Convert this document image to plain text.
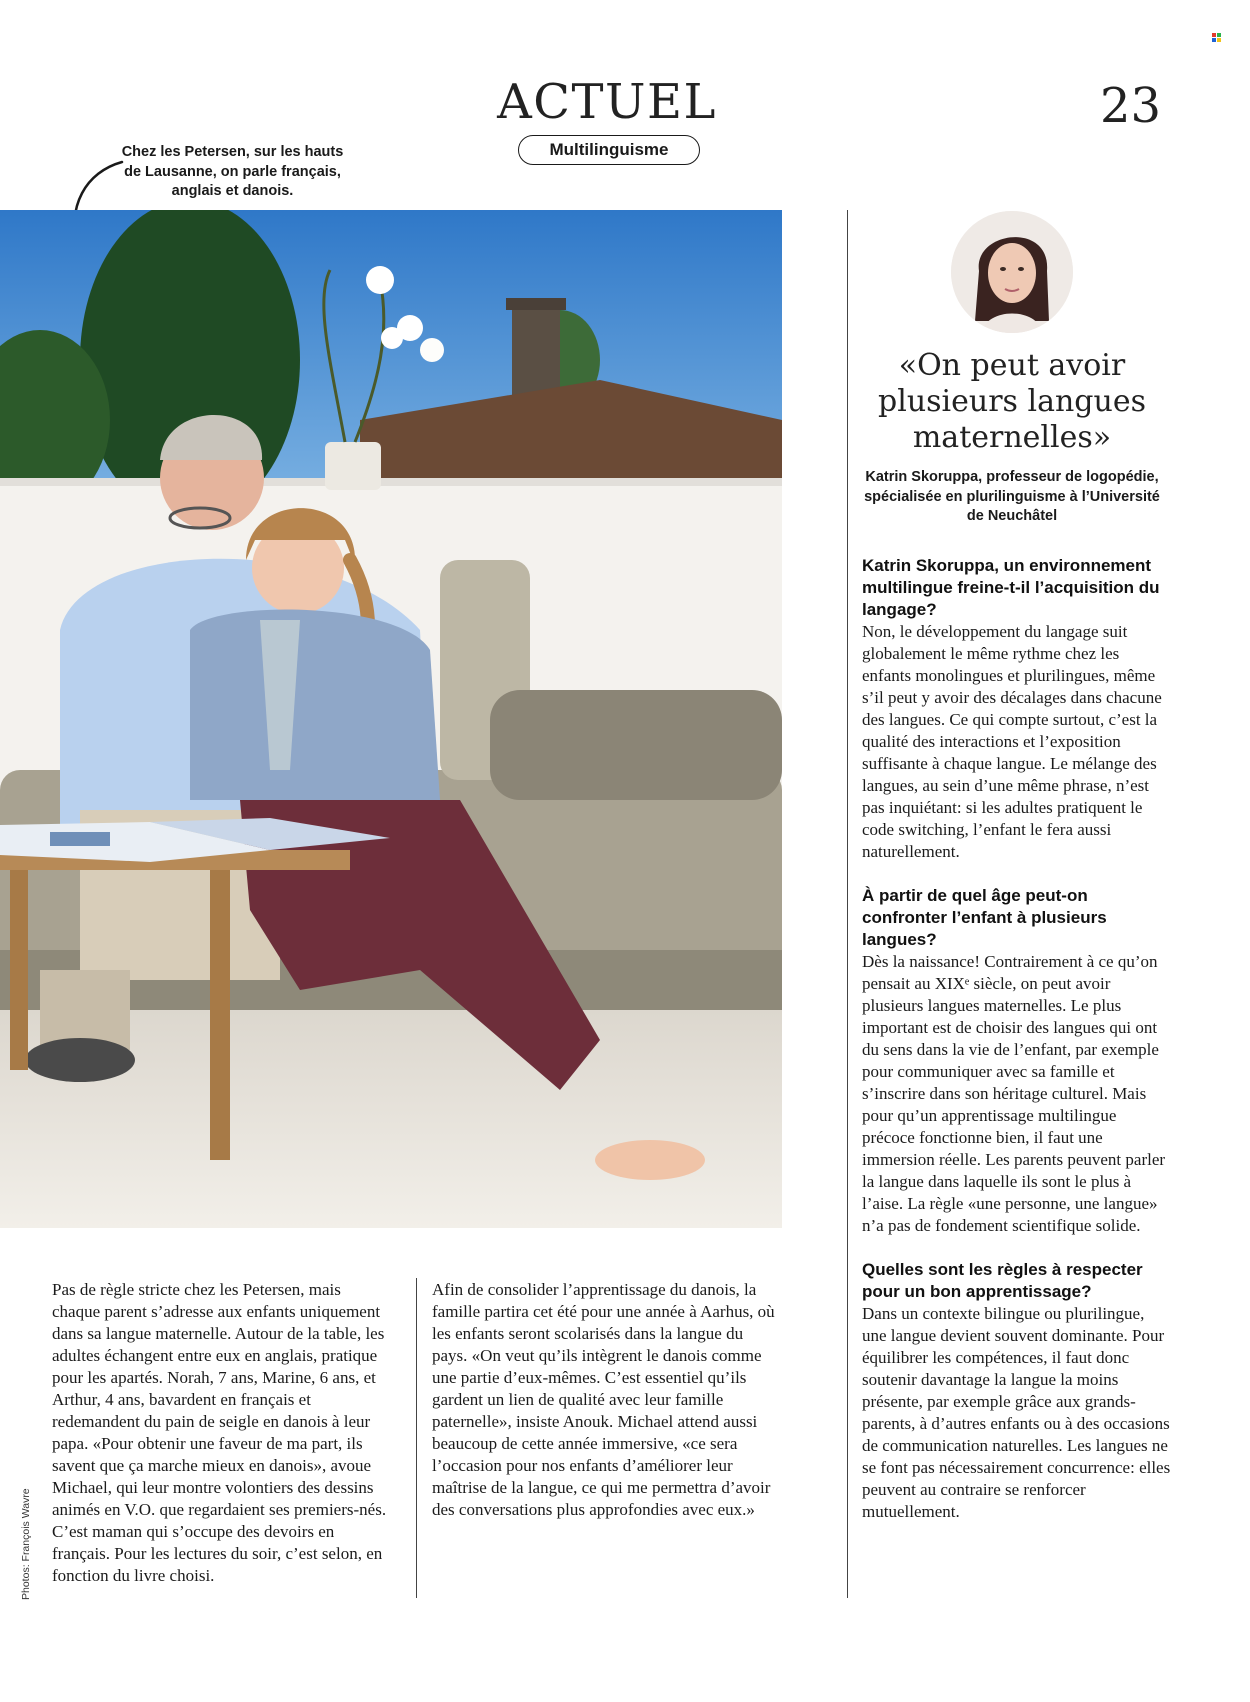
ACTUEL	23
Multilinguisme
Chez les Petersen, sur les hauts de Lausanne, on parle français, anglais et danois.

Pas de règle stricte chez les Petersen, mais chaque parent s’adresse aux enfants uniquement dans sa langue maternelle. Autour de la table, les adultes échangent entre eux en anglais, pratique pour les apartés. Norah, 7 ans, Marine, 6 ans, et Arthur, 4 ans, bavardent en français et redemandent du pain de seigle en danois à leur papa. «Pour obtenir une faveur de ma part, ils savent que ça marche mieux en danois», avoue Michael, qui leur montre volontiers des dessins animés en V.O. que regardaient ses premiers-nés. C’est maman qui s’occupe des devoirs en français. Pour les lectures du soir, c’est selon, en fonction du livre choisi.

Afin de consolider l’apprentissage du danois, la famille partira cet été pour une année à Aarhus, où les enfants seront scolarisés dans la langue du pays. «On veut qu’ils intègrent le danois comme une partie d’eux-mêmes. C’est essentiel qu’ils gardent un lien de qualité avec leur famille paternelle», insiste Anouk. Michael attend aussi beaucoup de cette année immersive, «ce sera l’occasion pour nos enfants d’améliorer leur maîtrise de la langue, ce qui me permettra d’avoir des conversations plus approfondies avec eux.»

«On peut avoir plusieurs langues maternelles»
Katrin Skoruppa, professeur de logopédie, spécialisée en plurilinguisme à l’Université de Neuchâtel
Katrin Skoruppa, un environnement multilingue freine-t-il l’acquisition du langage?
Non, le développement du langage suit globalement le même rythme chez les enfants monolingues et plurilingues, même s’il peut y avoir des décalages dans chacune des langues. Ce qui compte surtout, c’est la qualité des interactions et l’exposition suffisante à chaque langue. Le mélange des langues, au sein d’une même phrase, n’est pas inquiétant: si les adultes pratiquent le code switching, l’enfant le fera aussi naturellement.
À partir de quel âge peut-on confronter l’enfant à plusieurs langues?
Dès la naissance! Contrairement à ce qu’on pensait au XIXᵉ siècle, on peut avoir plusieurs langues maternelles. Le plus important est de choisir des langues qui ont du sens dans la vie de l’enfant, par exemple pour communiquer avec sa famille et s’inscrire dans son héritage culturel. Mais pour qu’un apprentissage multilingue précoce fonctionne bien, il faut une immersion réelle. Les parents peuvent parler la langue dans laquelle ils sont le plus à l’aise. La règle «une personne, une langue» n’a pas de fondement scientifique solide.
Quelles sont les règles à respecter pour un bon apprentissage?
Dans un contexte bilingue ou plurilingue, une langue devient souvent dominante. Pour équilibrer les compétences, il faut donc soutenir davantage la langue la moins présente, par exemple grâce aux grands-parents, à d’autres enfants ou à des occasions de communication naturelles. Les langues ne se font pas nécessairement concurrence: elles peuvent au contraire se renforcer mutuellement.
Photos: François Wavre
